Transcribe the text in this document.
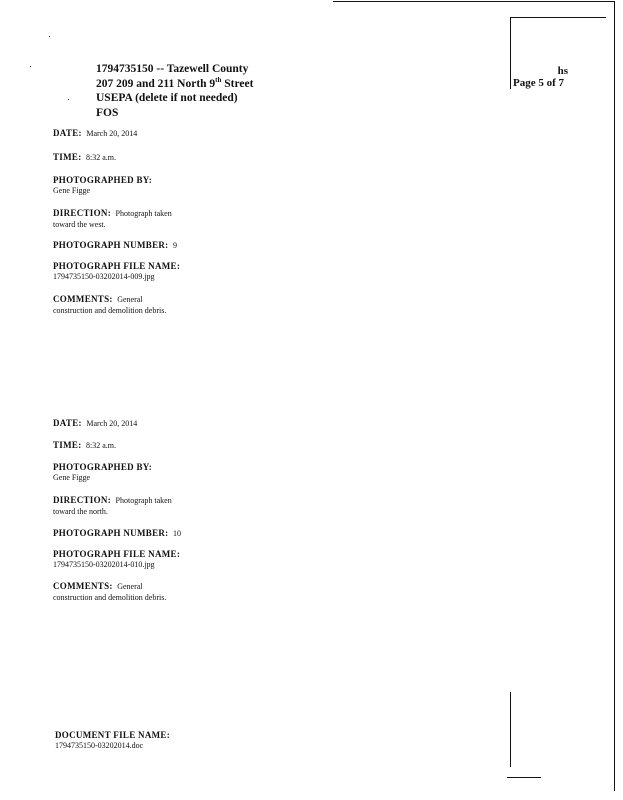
1794735150 -- Tazewell County
207 209 and 211 North 9th Street
USEPA (delete if not needed)
FOS
hs
Page 5 of 7
DATE: March 20, 2014
TIME: 8:32 a.m.
PHOTOGRAPHED BY:
Gene Figge
DIRECTION: Photograph taken
toward the west.
PHOTOGRAPH NUMBER: 9
PHOTOGRAPH FILE NAME:
1794735150-03202014-009.jpg
COMMENTS: General
construction and demolition debris.
DATE: March 20, 2014
TIME: 8:32 a.m.
PHOTOGRAPHED BY:
Gene Figge
DIRECTION: Photograph taken
toward the north.
PHOTOGRAPH NUMBER: 10
PHOTOGRAPH FILE NAME:
1794735150-03202014-010.jpg
COMMENTS: General
construction and demolition debris.
DOCUMENT FILE NAME:
1794735150-03202014.doc
